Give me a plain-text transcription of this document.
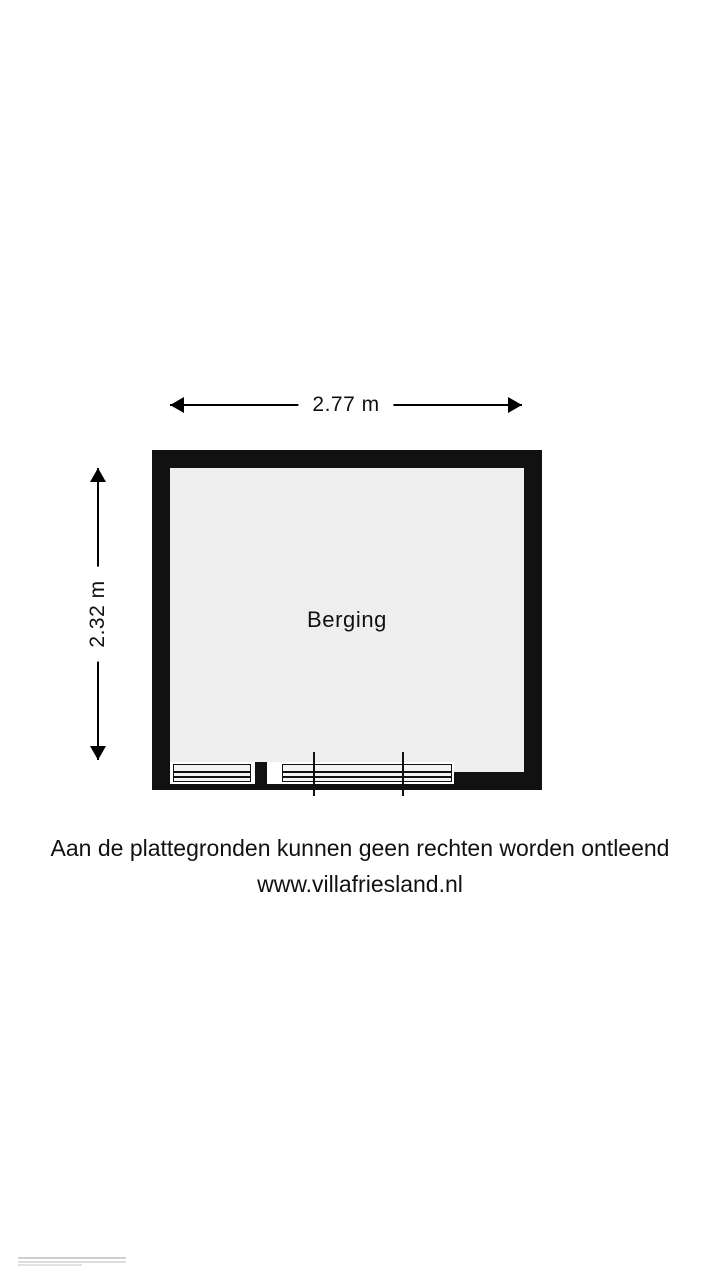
2.77 m
2.32 m	Berging
Aan de plattegronden kunnen geen rechten worden ontleend
www.villafriesland.nl
